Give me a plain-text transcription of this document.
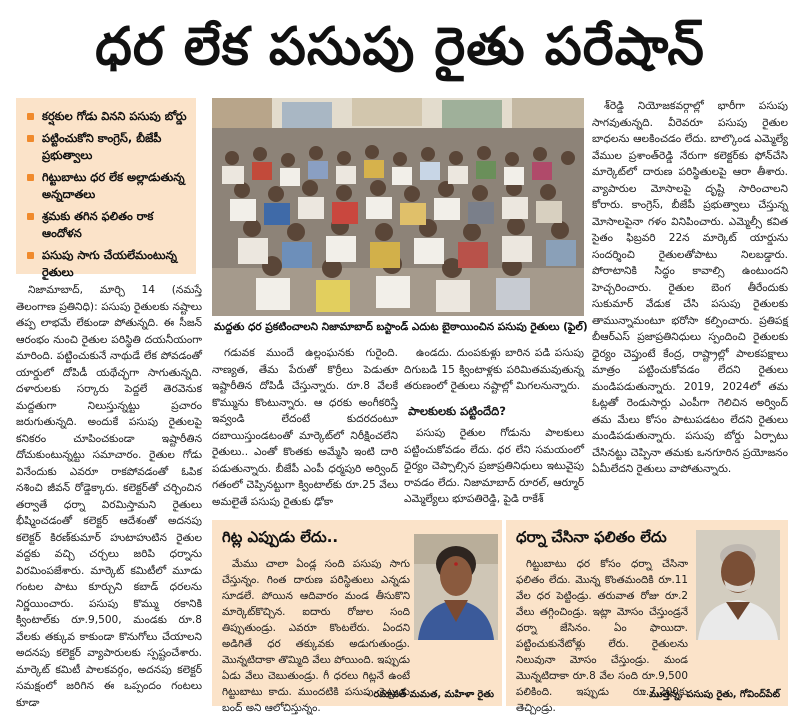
ధర లేక పసుపు రైతు పరేషాన్
కర్షకుల గోడు వినని పసుపు బోర్డు
పట్టించుకోని కాంగ్రెస్, బీజేపీ ప్రభుత్వాలు
గిట్టుబాటు ధర లేక అల్లాడుతున్న అన్నదాతలు
శ్రమకు తగిన ఫలితం రాక ఆందోళన
పసుపు సాగు చేయలేమంటున్న రైతులు
మద్దతు ధర ప్రకటించాలని నిజామాబాద్ బస్టాండ్ ఎదుట బైఠాయించిన పసుపు రైతులు (ఫైల్)

నిజామాబాద్, మార్చి 14 (నమస్తే తెలంగాణ ప్రతినిధి): పసుపు రైతులకు నష్టాలు తప్ప లాభమే లేకుండా పోతున్నది. ఈ సీజన్ ఆరంభం నుంచి రైతుల పరిస్థితి దయనీయంగా మారింది. పట్టించుకునే నాథుడే లేక పోవడంతో యార్డులో దోపిడీ యథేచ్ఛగా సాగుతున్నది. దళారులకు సర్కారు పెద్దలే తెరవెనుక మద్దతుగా నిలుస్తున్నట్టు ప్రచారం జరుగుతున్నది. అందుకే పసుపు రైతులపై కనికరం చూపించకుండా ఇష్టారీతిన దోచుకుంటున్నట్టు సమాచారం. రైతుల గోడు వినేందుకు ఎవరూ రాకపోవడంతో ఓపిక నశించి జీవన్ రోడ్డెక్కారు. కలెక్టర్‌తో చర్చించిన తర్వాతే ధర్నా విరమిస్తామని రైతులు భీష్మించడంతో కలెక్టర్ ఆదేశంతో అదనపు కలెక్టర్ కిరణ్‌కుమార్ హుటాహుటిన రైతుల వద్దకు వచ్చి చర్చలు జరిపి ధర్నాను విరమింపజేశారు. మార్కెట్ కమిటీలో మూడు గంటల పాటు కూర్చుని కబాడ్ ధరలను నిర్ణయించారు. పసుపు కొమ్ము రకానికి క్వింటాల్‌కు రూ.9,500, మండకు రూ.8 వేలకు తక్కువ కాకుండా కొనుగోలు చేయాలని అదనపు కలెక్టర్ వ్యాపారులకు స్పష్టంచేశారు. మార్కెట్ కమిటీ పాలకవర్గం, అదనపు కలెక్టర్ సమక్షంలో జరిగిన ఈ ఒప్పందం గంటలు కూడా

గడువక ముందే ఉల్లంఘనకు గురైంది. నాణ్యత, తేమ పేరుతో కొర్రీలు పెడుతూ ఇష్టారీతిన దోపిడీ చేస్తున్నారు. రూ.8 వేలకే కొమ్మును కొంటున్నారు. ఆ ధరకు అంగీకరిస్తే ఇవ్వండి లేదంటే కుదరదంటూ దబాయిస్తుండటంతో మార్కెట్‌లో నిరీక్షించలేని రైతులు.. ఎంతో కొంతకు అమ్మేసి ఇంటి దారి పడుతున్నారు. బీజేపీ ఎంపీ ధర్మపురి అర్వింద్ గతంలో చెప్పినట్టుగా క్వింటాల్‌కు రూ.25 వేలు అమలైతే పసుపు రైతుకు ఢోకా

ఉండదు. దుంపకుళ్లు బారిన పడి పసుపు దిగుబడి 15 క్వింటాళ్లకు పరిమితమవుతున్న తరుణంలో రైతులు నష్టాల్లో మిగలనున్నారు.

పాలకులకు పట్టిందేది?

పసుపు రైతుల గోడును పాలకులు పట్టించుకోవడం లేదు. ధర లేని సమయంలో ధైర్యం చెప్పాల్సిన ప్రజాప్రతినిధులు ఇటువైపు రావడం లేదు. నిజామాబాద్ రూరల్, ఆర్మూర్ ఎమ్మెల్యేలు భూపతిరెడ్డి, పైడి రాకేశ్

శ్‌రెడ్డి నియోజకవర్గాల్లో భారీగా పసుపు సాగవుతున్నది. వీరెవరూ పసుపు రైతుల బాధలను ఆలకించడం లేదు. బాల్కొండ ఎమ్మెల్యే వేముల ప్రశాంత్‌రెడ్డి నేరుగా కలెక్టర్‌కు ఫోన్‌చేసి మార్కెట్‌లో దారుణ పరిస్థితులపై ఆరా తీశారు. వ్యాపారుల మోసాలపై దృష్టి సారించాలని కోరారు. కాంగ్రెస్, బీజేపీ ప్రభుత్వాలు చేస్తున్న మోసాలపైనా గళం వినిపించారు. ఎమ్మెల్సీ కవిత సైతం ఫిబ్రవరి 22న మార్కెట్ యార్డును సందర్శించి రైతులతోపాటు నిలబడ్డారు. పోరాటానికి సిద్ధం కావాల్సి ఉంటుందని హెచ్చరించారు. రైతుల బెంగ తీరేందుకు సుకుమార్ వేడుక చేసి పసుపు రైతులకు తామున్నామంటూ భరోసా కల్పించారు. ప్రతిపక్ష బీఆర్ఎస్ ప్రజాప్రతినిధులు స్పందించి రైతులకు ధైర్యం చెప్తుంటే కేంద్ర, రాష్ట్రాల్లో పాలకపక్షాలు మాత్రం పట్టించుకోవడం లేదని రైతులు మండిపడుతున్నారు. 2019, 2024లో తమ ఓట్లతో రెండుసార్లు ఎంపీగా గెలిచిన అర్వింద్ తమ మేలు కోసం పాటుపడటం లేదని రైతులు మండిపడుతున్నారు. పసుపు బోర్డు ఏర్పాటు చేసినట్టు చెప్పినా తమకు ఒనగూరిన ప్రయోజనం ఏమీలేదని రైతులు వాపోతున్నారు.

గిట్ల ఎప్పుడు లేదు..

మేము చాలా ఏండ్ల సంది పసుపు సాగు చేస్తున్నం. గింత దారుణ పరిస్థితులు ఎన్నడు సూడలే. పోయిన ఆదివారం మండ తీసుకొని మార్కెట్‌కొచ్చిన. ఐదారు రోజుల సంది తిప్పుతుండ్రు. ఎవరూ కొంటలేరు. ఏందని అడిగితే ధర తక్కువకు అడుగుతుండ్రు. మొన్నటిదాకా తొమ్మిది వేలు పోయింది. ఇప్పుడు ఏడు వేలు చెబుతుండ్రు. గీ ధరలు గిట్లనే ఉంటే గిట్టుబాటు కాదు. ముందటికి పసుపు పెట్టుడు బంద్ అని ఆలోచిస్తున్నం.

- రమావత్ మమత, మహిళా రైతు
ధర్నా చేసినా ఫలితం లేదు

గిట్టుబాటు ధర కోసం ధర్నా చేసినా ఫలితం లేదు. మొన్న కొంతమందికి రూ.11 వేల ధర పెట్టిండ్రు. తరువాత రోజు రూ.2 వేలు తగ్గించిండ్రు. ఇట్లా మోసం చేస్తుండ్రనే ధర్నా జేసినం. ఏం ఫాయిదా. పట్టించుకునేటోళ్లు లేరు. రైతులను నిలువునా మోసం చేస్తుండ్రు. మండ మొన్నటిదాకా రూ.8 వేల సంది రూ.9,500 పలికింది. ఇప్పుడు రూ.7,200కు తెచ్చిండ్రు.

- ముత్తెన్న, పసుపు రైతు, గోవింద్‌పేట్
